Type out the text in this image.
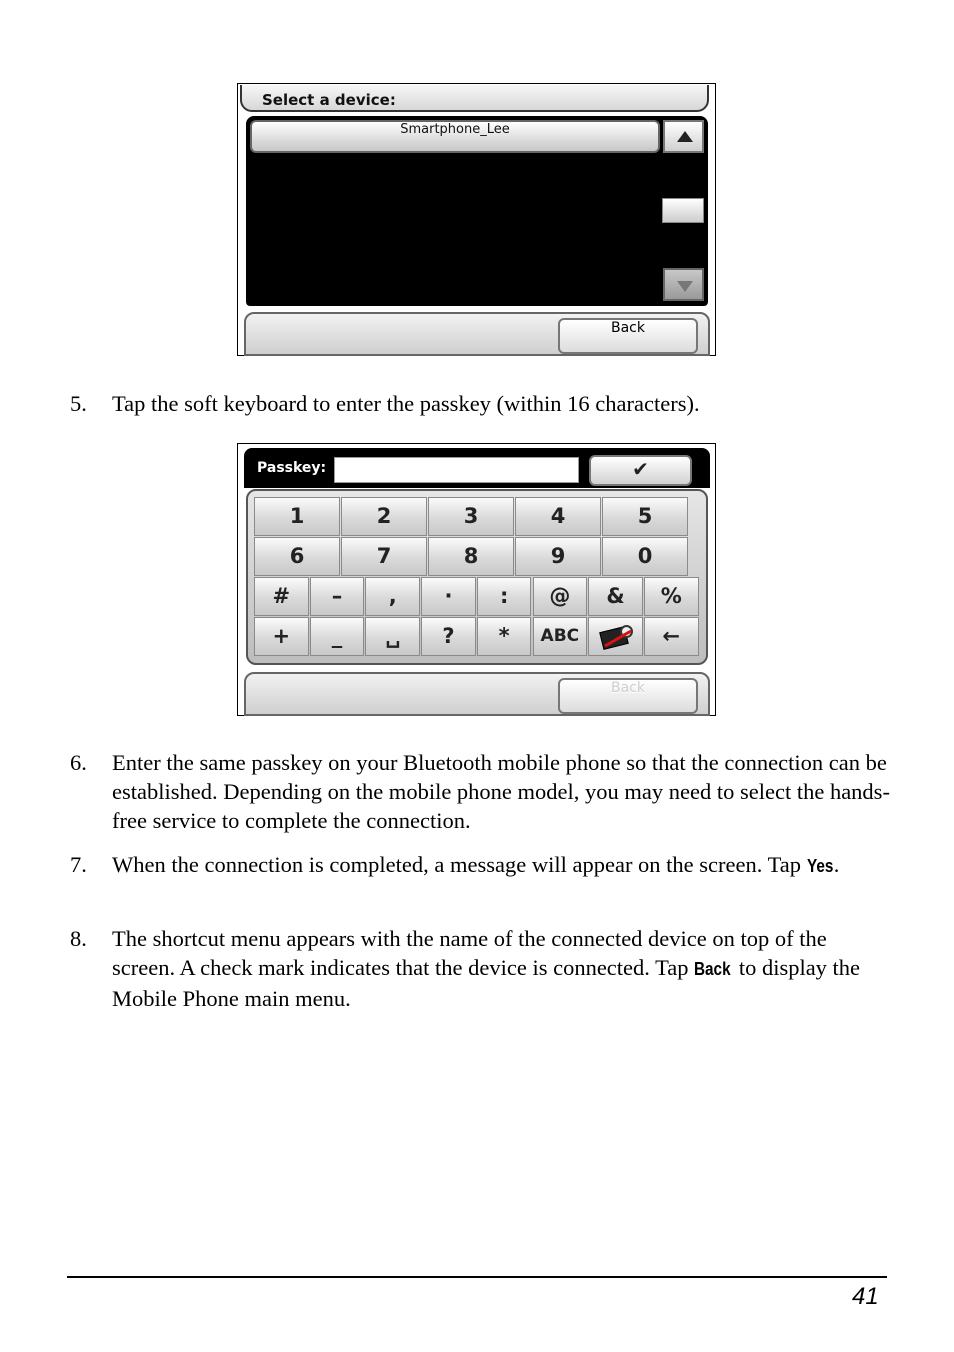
Select a device:
Smartphone_Lee
Back
5. Tap the soft keyboard to enter the passkey (within 16 characters).
Passkey:	✔
1	2	3	4	5
6	7	8	9	0
#	–	,	·	:	@	&	%
+	_	␣	?	*	ABC	←
Back
6. Enter the same passkey on your Bluetooth mobile phone so that the connection can be established. Depending on the mobile phone model, you may need to select the hands-free service to complete the connection.
7. When the connection is completed, a message will appear on the screen. Tap Yes.
8. The shortcut menu appears with the name of the connected device on top of the screen. A check mark indicates that the device is connected. Tap Back to display the Mobile Phone main menu.
41
